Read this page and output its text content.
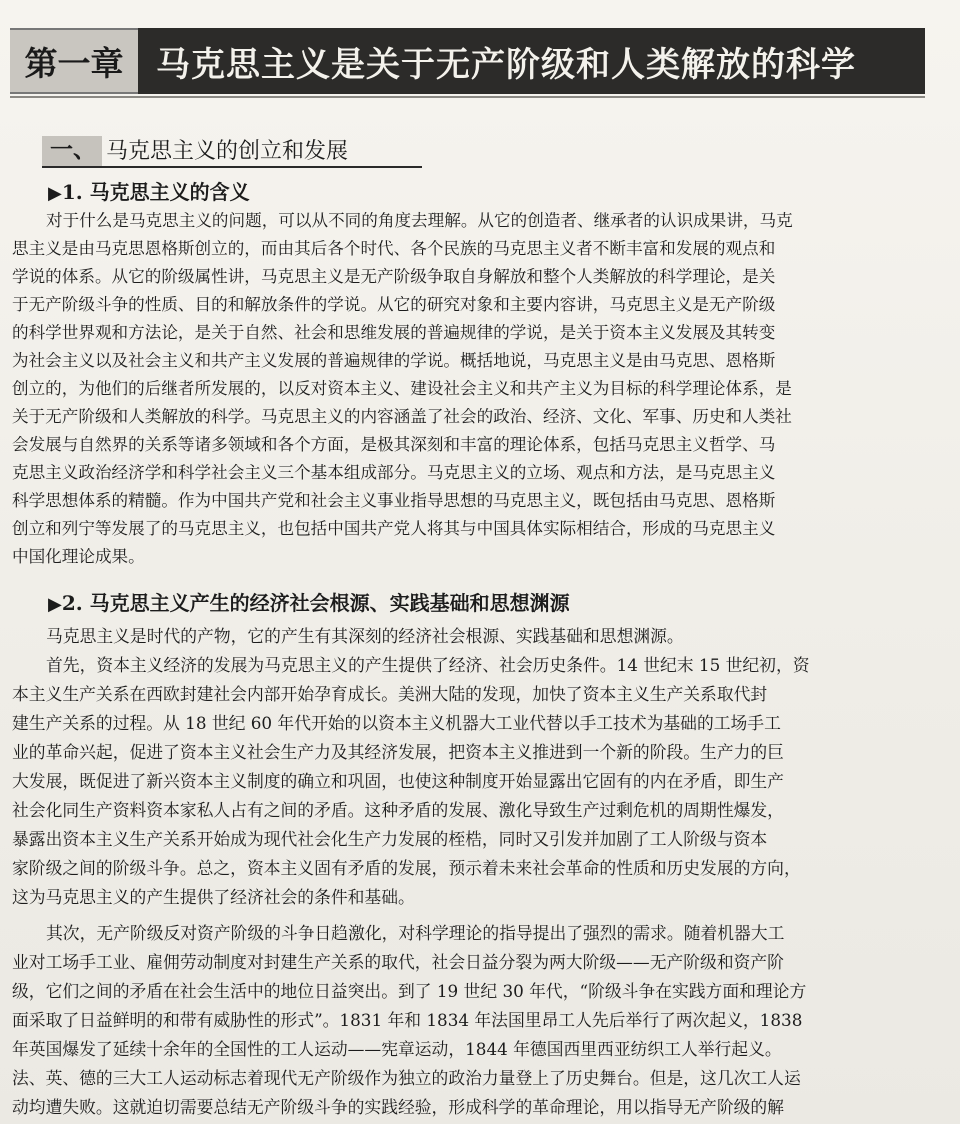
第一章 马克思主义是关于无产阶级和人类解放的科学
一、 马克思主义的创立和发展
▶1. 马克思主义的含义
对于什么是马克思主义的问题，可以从不同的角度去理解。从它的创造者、继承者的认识成果讲，马克
思主义是由马克思恩格斯创立的，而由其后各个时代、各个民族的马克思主义者不断丰富和发展的观点和
学说的体系。从它的阶级属性讲，马克思主义是无产阶级争取自身解放和整个人类解放的科学理论，是关
于无产阶级斗争的性质、目的和解放条件的学说。从它的研究对象和主要内容讲，马克思主义是无产阶级
的科学世界观和方法论，是关于自然、社会和思维发展的普遍规律的学说，是关于资本主义发展及其转变
为社会主义以及社会主义和共产主义发展的普遍规律的学说。概括地说，马克思主义是由马克思、恩格斯
创立的，为他们的后继者所发展的，以反对资本主义、建设社会主义和共产主义为目标的科学理论体系，是
关于无产阶级和人类解放的科学。马克思主义的内容涵盖了社会的政治、经济、文化、军事、历史和人类社
会发展与自然界的关系等诸多领域和各个方面，是极其深刻和丰富的理论体系，包括马克思主义哲学、马
克思主义政治经济学和科学社会主义三个基本组成部分。马克思主义的立场、观点和方法，是马克思主义
科学思想体系的精髓。作为中国共产党和社会主义事业指导思想的马克思主义，既包括由马克思、恩格斯
创立和列宁等发展了的马克思主义，也包括中国共产党人将其与中国具体实际相结合，形成的马克思主义
中国化理论成果。
▶2. 马克思主义产生的经济社会根源、实践基础和思想渊源
马克思主义是时代的产物，它的产生有其深刻的经济社会根源、实践基础和思想渊源。
首先，资本主义经济的发展为马克思主义的产生提供了经济、社会历史条件。14 世纪末 15 世纪初，资
本主义生产关系在西欧封建社会内部开始孕育成长。美洲大陆的发现，加快了资本主义生产关系取代封
建生产关系的过程。从 18 世纪 60 年代开始的以资本主义机器大工业代替以手工技术为基础的工场手工
业的革命兴起，促进了资本主义社会生产力及其经济发展，把资本主义推进到一个新的阶段。生产力的巨
大发展，既促进了新兴资本主义制度的确立和巩固，也使这种制度开始显露出它固有的内在矛盾，即生产
社会化同生产资料资本家私人占有之间的矛盾。这种矛盾的发展、激化导致生产过剩危机的周期性爆发，
暴露出资本主义生产关系开始成为现代社会化生产力发展的桎梏，同时又引发并加剧了工人阶级与资本
家阶级之间的阶级斗争。总之，资本主义固有矛盾的发展，预示着未来社会革命的性质和历史发展的方向，
这为马克思主义的产生提供了经济社会的条件和基础。
其次，无产阶级反对资产阶级的斗争日趋激化，对科学理论的指导提出了强烈的需求。随着机器大工
业对工场手工业、雇佣劳动制度对封建生产关系的取代，社会日益分裂为两大阶级——无产阶级和资产阶
级，它们之间的矛盾在社会生活中的地位日益突出。到了 19 世纪 30 年代，“阶级斗争在实践方面和理论方
面采取了日益鲜明的和带有威胁性的形式”。1831 年和 1834 年法国里昂工人先后举行了两次起义，1838
年英国爆发了延续十余年的全国性的工人运动——宪章运动，1844 年德国西里西亚纺织工人举行起义。
法、英、德的三大工人运动标志着现代无产阶级作为独立的政治力量登上了历史舞台。但是，这几次工人运
动均遭失败。这就迫切需要总结无产阶级斗争的实践经验，形成科学的革命理论，用以指导无产阶级的解
